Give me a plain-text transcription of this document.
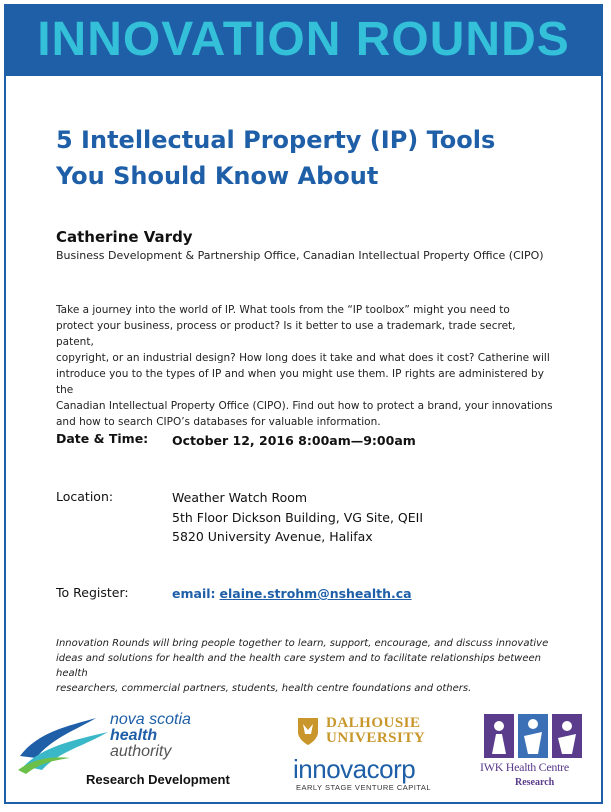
INNOVATION ROUNDS
5 Intellectual Property (IP) Tools
You Should Know About
Catherine Vardy
Business Development & Partnership Office, Canadian Intellectual Property Office (CIPO)
Take a journey into the world of IP. What tools from the “IP toolbox” might you need to
protect your business, process or product? Is it better to use a trademark, trade secret, patent,
copyright, or an industrial design? How long does it take and what does it cost? Catherine will
introduce you to the types of IP and when you might use them. IP rights are administered by the
Canadian Intellectual Property Office (CIPO). Find out how to protect a brand, your innovations
and how to search CIPO’s databases for valuable information.
Date & Time: October 12, 2016 8:00am—9:00am
Location:	Weather Watch Room
5th Floor Dickson Building, VG Site, QEII
5820 University Avenue, Halifax
To Register:	email: elaine.strohm@nshealth.ca
Innovation Rounds will bring people together to learn, support, encourage, and discuss innovative
ideas and solutions for health and the health care system and to facilitate relationships between health
researchers, commercial partners, students, health centre foundations and others.
nova scotia
health
authority
Research Development
DALHOUSIE
UNIVERSITY
innovacorp
EARLY STAGE VENTURE CAPITAL
IWK Health Centre
Research
